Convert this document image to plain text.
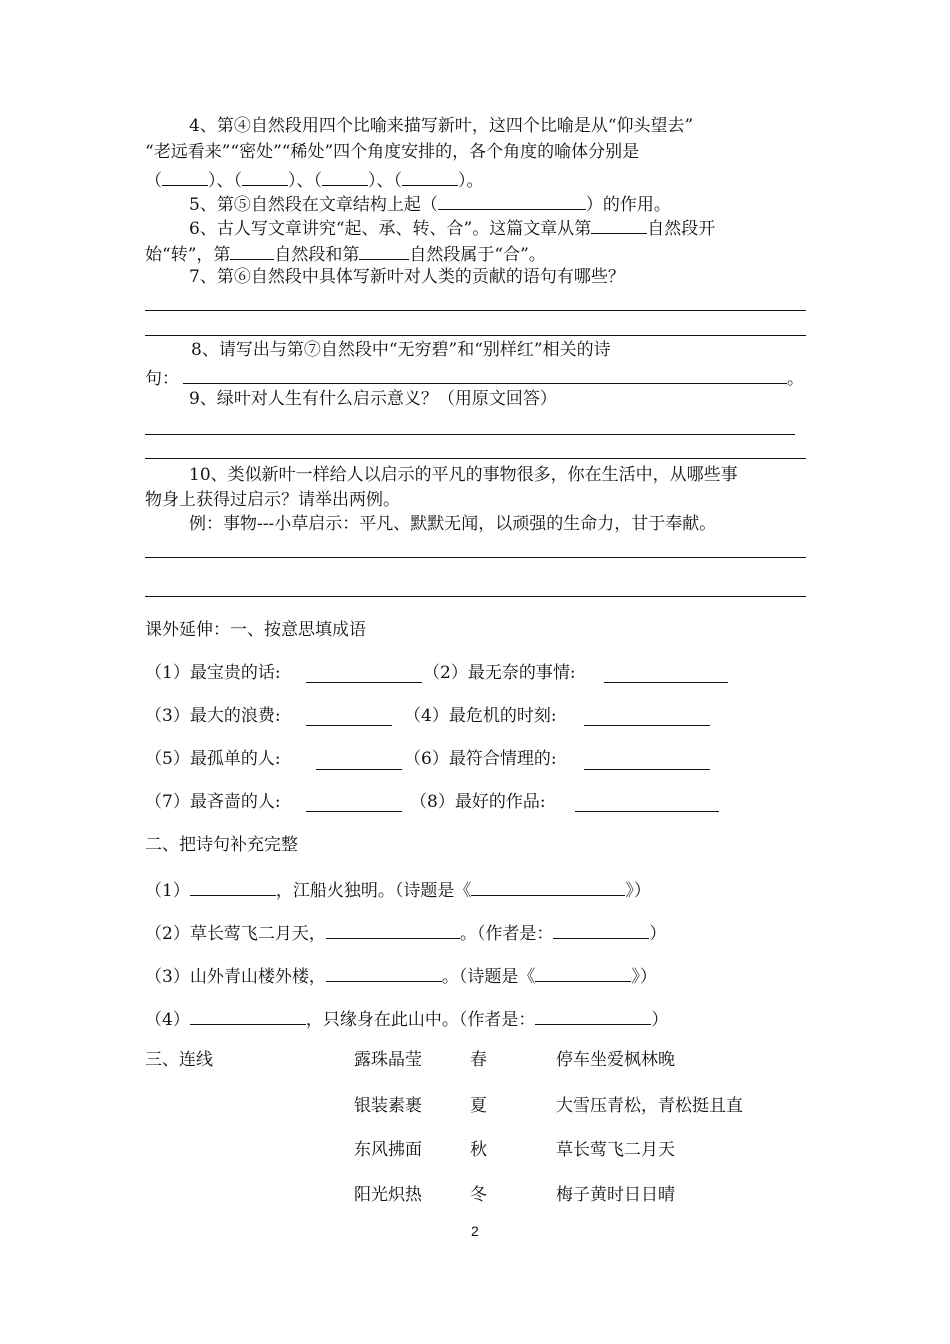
4、第④自然段用四个比喻来描写新叶，这四个比喻是从“仰头望去”
“老远看来”“密处”“稀处”四个角度安排的，各个角度的喻体分别是
（	）、（	）、（	）、（	）。
5、第⑤自然段在文章结构上起（	）的作用。
6、古人写文章讲究“起、承、转、合”。这篇文章从第	自然段开
始“转”，第	自然段和第	自然段属于“合”。
7、第⑥自然段中具体写新叶对人类的贡献的语句有哪些？
8、请写出与第⑦自然段中“无穷碧”和“别样红”相关的诗
句：	。
9、绿叶对人生有什么启示意义？（用原文回答）
10、类似新叶一样给人以启示的平凡的事物很多，你在生活中，从哪些事
物身上获得过启示？请举出两例。
例：事物---小草启示：平凡、默默无闻，以顽强的生命力，甘于奉献。
课外延伸：一、按意思填成语
（1）最宝贵的话:	（2）最无奈的事情:
（3）最大的浪费:	（4）最危机的时刻:
（5）最孤单的人:	（6）最符合情理的:
（7）最吝啬的人:	（8）最好的作品:
二、把诗句补充完整
（1）	，江船火独明。（诗题是《	》）
（2）草长莺飞二月天，	。（作者是：	）
（3）山外青山楼外楼，	。（诗题是《	》）
（4）	，只缘身在此山中。（作者是：	）
三、连线	露珠晶莹	春	停车坐爱枫林晚
银装素裹	夏	大雪压青松，青松挺且直
东风拂面	秋	草长莺飞二月天
阳光炽热	冬	梅子黄时日日晴
2
